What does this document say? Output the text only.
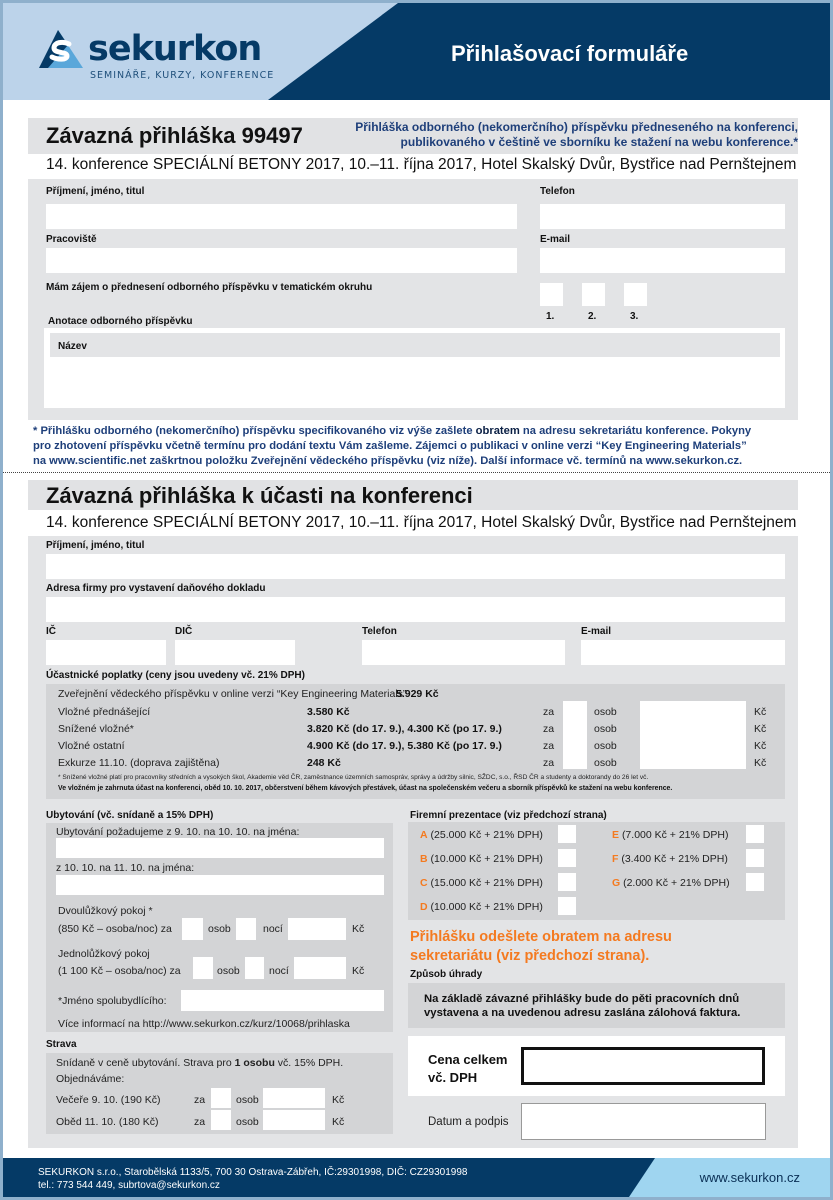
sekurkon
SEMINÁŘE, KURZY, KONFERENCE
Přihlašovací formuláře
Závazná přihláška 99497	Přihláška odborného (nekomerčního) příspěvku předneseného na konferenci,
publikovaného v češtině ve sborníku ke stažení na webu konference.*
14. konference SPECIÁLNÍ BETONY 2017, 10.–11. října 2017, Hotel Skalský Dvůr, Bystřice nad Pernštejnem
Příjmení, jméno, titul	Telefon
Pracoviště	E-mail
Mám zájem o přednesení odborného příspěvku v tematickém okruhu
1.	2.	3.
Anotace odborného příspěvku
Název
* Přihlášku odborného (nekomerčního) příspěvku specifikovaného viz výše zašlete obratem na adresu sekretariátu konference. Pokyny
pro zhotovení příspěvku včetně termínu pro dodání textu Vám zašleme. Zájemci o publikaci v online verzi “Key Engineering Materials”
na www.scientific.net zaškrtnou položku Zveřejnění vědeckého příspěvku (viz níže). Další informace vč. termínů na www.sekurkon.cz.
Závazná přihláška k účasti na konferenci
14. konference SPECIÁLNÍ BETONY 2017, 10.–11. října 2017, Hotel Skalský Dvůr, Bystřice nad Pernštejnem
Příjmení, jméno, titul
Adresa firmy pro vystavení daňového dokladu
IČ	DIČ	Telefon	E-mail
Účastnické poplatky (ceny jsou uvedeny vč. 21% DPH)
Zveřejnění vědeckého příspěvku v online verzi “Key Engineering Materials”
5.929 Kč
Vložné přednášející	3.580 Kč	za	osob	Kč
Snížené vložné*	3.820 Kč (do 17. 9.), 4.300 Kč (po 17. 9.)	za	osob	Kč
Vložné ostatní	4.900 Kč (do 17. 9.), 5.380 Kč (po 17. 9.)	za	osob	Kč
Exkurze 11.10. (doprava zajištěna)	248 Kč	za	osob	Kč
* Snížené vložné platí pro pracovníky středních a vysokých škol, Akademie věd ČR, zaměstnance územních samospráv, správy a údržby silnic, SŽDC, s.o., ŘSD ČR a studenty a doktorandy do 26 let vč.
Ve vložném je zahrnuta účast na konferenci, oběd 10. 10. 2017, občerstvení během kávových přestávek, účast na společenském večeru a sborník příspěvků ke stažení na webu konference.
Ubytování (vč. snídaně a 15% DPH)
Ubytování požadujeme z 9. 10. na 10. 10. na jména:
z 10. 10. na 11. 10. na jména:
Dvoulůžkový pokoj *
(850 Kč – osoba/noc) za	osob	nocí	Kč
Jednolůžkový pokoj
(1 100 Kč – osoba/noc) za	osob	nocí	Kč
*Jméno spolubydlícího:
Více informací na http://www.sekurkon.cz/kurz/10068/prihlaska
Strava
Snídaně v ceně ubytování. Strava pro 1 osobu vč. 15% DPH.
Objednáváme:
Večeře 9. 10. (190 Kč)	za	osob	Kč
Oběd 11. 10. (180 Kč)	za	osob	Kč
Firemní prezentace (viz předchozí strana)
A (25.000 Kč + 21% DPH)
B (10.000 Kč + 21% DPH)
C (15.000 Kč + 21% DPH)
D (10.000 Kč + 21% DPH)
E (7.000 Kč + 21% DPH)
F (3.400 Kč + 21% DPH)
G (2.000 Kč + 21% DPH)
Přihlášku odešlete obratem na adresu
sekretariátu (viz předchozí strana).
Způsob úhrady
Na základě závazné přihlášky bude do pěti pracovních dnů
vystavena a na uvedenou adresu zaslána zálohová faktura.
Cena celkem
vč. DPH
Datum a podpis
SEKURKON s.r.o., Starobělská 1133/5, 700 30 Ostrava-Zábřeh, IČ:29301998, DIČ: CZ29301998
tel.: 773 544 449, subrtova@sekurkon.cz
www.sekurkon.cz
